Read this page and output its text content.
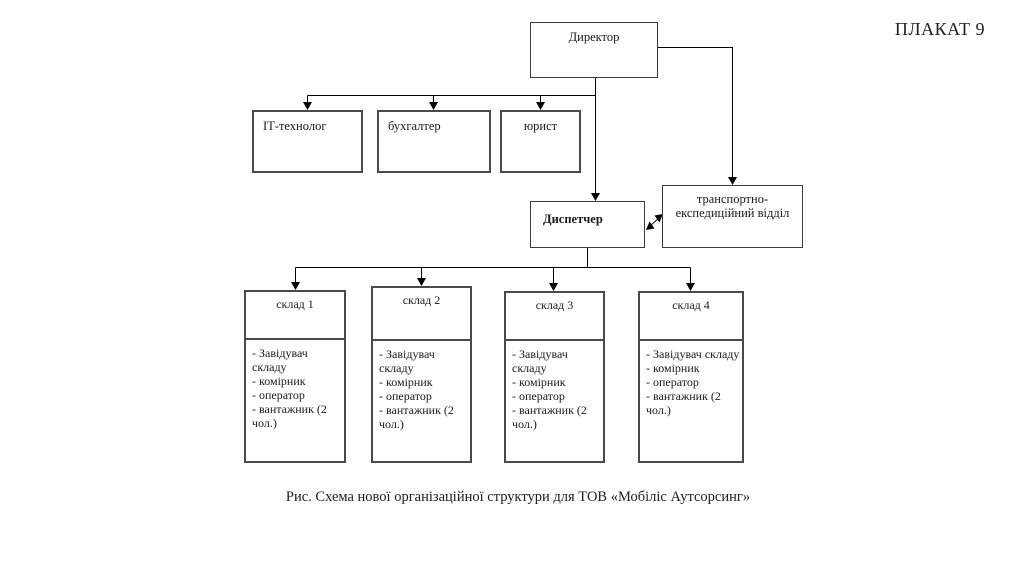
ПЛАКАТ 9
Директор
ІТ-технолог	бухгалтер	юрист
Диспетчер
транспортно-експедиційний відділ
склад 1
- Завідувач складу
- комірник
- оператор
- вантажник (2 чол.)
склад 2
- Завідувач складу
- комірник
- оператор
- вантажник (2 чол.)
склад 3
- Завідувач складу
- комірник
- оператор
- вантажник (2 чол.)
склад 4
- Завідувач складу
- комірник
- оператор
- вантажник (2 чол.)
Рис. Схема нової організаційної структури для ТОВ «Мобіліс Аутсорсинг»
